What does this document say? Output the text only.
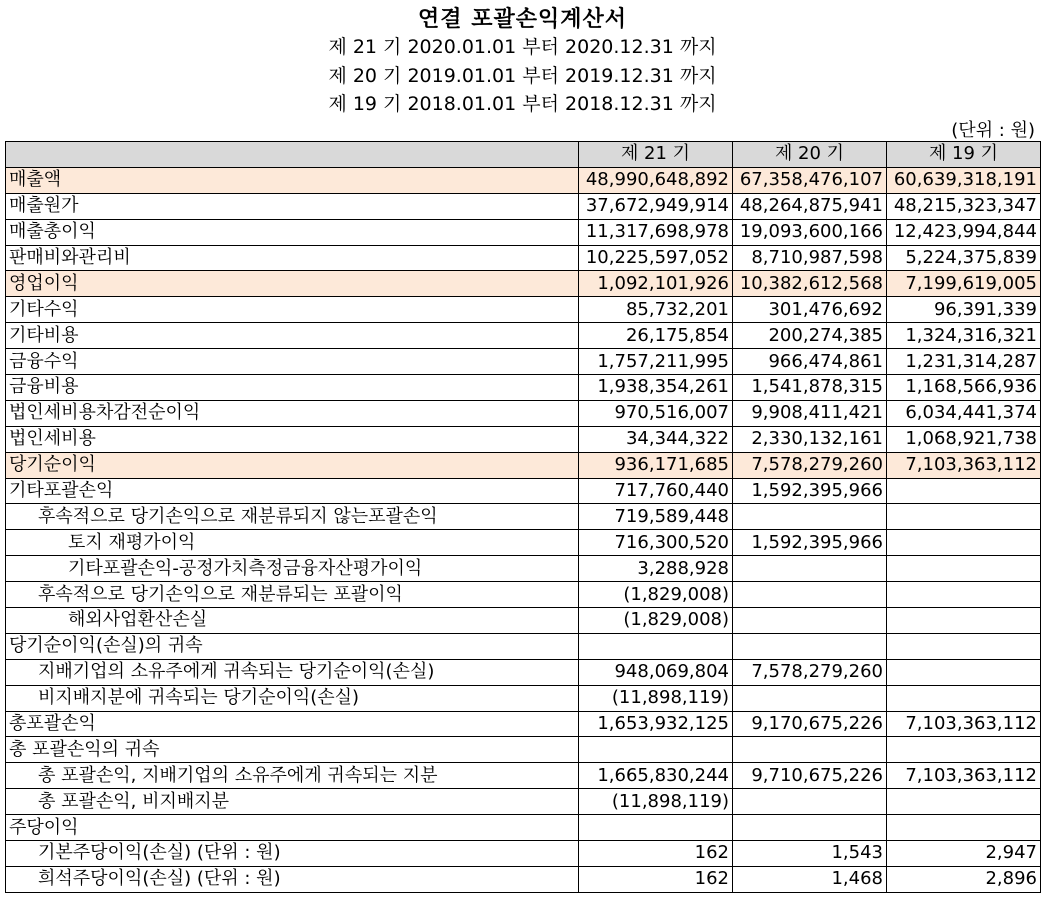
연결 포괄손익계산서
제 21 기 2020.01.01 부터 2020.12.31 까지
제 20 기 2019.01.01 부터 2019.12.31 까지
제 19 기 2018.01.01 부터 2018.12.31 까지
(단위 : 원)
	제 21 기	제 20 기	제 19 기
매출액	48,990,648,892	67,358,476,107	60,639,318,191
매출원가	37,672,949,914	48,264,875,941	48,215,323,347
매출총이익	11,317,698,978	19,093,600,166	12,423,994,844
판매비와관리비	10,225,597,052	8,710,987,598	5,224,375,839
영업이익	1,092,101,926	10,382,612,568	7,199,619,005
기타수익	85,732,201	301,476,692	96,391,339
기타비용	26,175,854	200,274,385	1,324,316,321
금융수익	1,757,211,995	966,474,861	1,231,314,287
금융비용	1,938,354,261	1,541,878,315	1,168,566,936
법인세비용차감전순이익	970,516,007	9,908,411,421	6,034,441,374
법인세비용	34,344,322	2,330,132,161	1,068,921,738
당기순이익	936,171,685	7,578,279,260	7,103,363,112
기타포괄손익	717,760,440	1,592,395,966	
후속적으로 당기손익으로 재분류되지 않는포괄손익	719,589,448		
토지 재평가이익	716,300,520	1,592,395,966	
기타포괄손익-공정가치측정금융자산평가이익	3,288,928		
후속적으로 당기손익으로 재분류되는 포괄이익	(1,829,008)		
해외사업환산손실	(1,829,008)		
당기순이익(손실)의 귀속			
지배기업의 소유주에게 귀속되는 당기순이익(손실)	948,069,804	7,578,279,260	
비지배지분에 귀속되는 당기순이익(손실)	(11,898,119)		
총포괄손익	1,653,932,125	9,170,675,226	7,103,363,112
총 포괄손익의 귀속			
총 포괄손익, 지배기업의 소유주에게 귀속되는 지분	1,665,830,244	9,710,675,226	7,103,363,112
총 포괄손익, 비지배지분	(11,898,119)		
주당이익			
기본주당이익(손실) (단위 : 원)	162	1,543	2,947
희석주당이익(손실) (단위 : 원)	162	1,468	2,896
